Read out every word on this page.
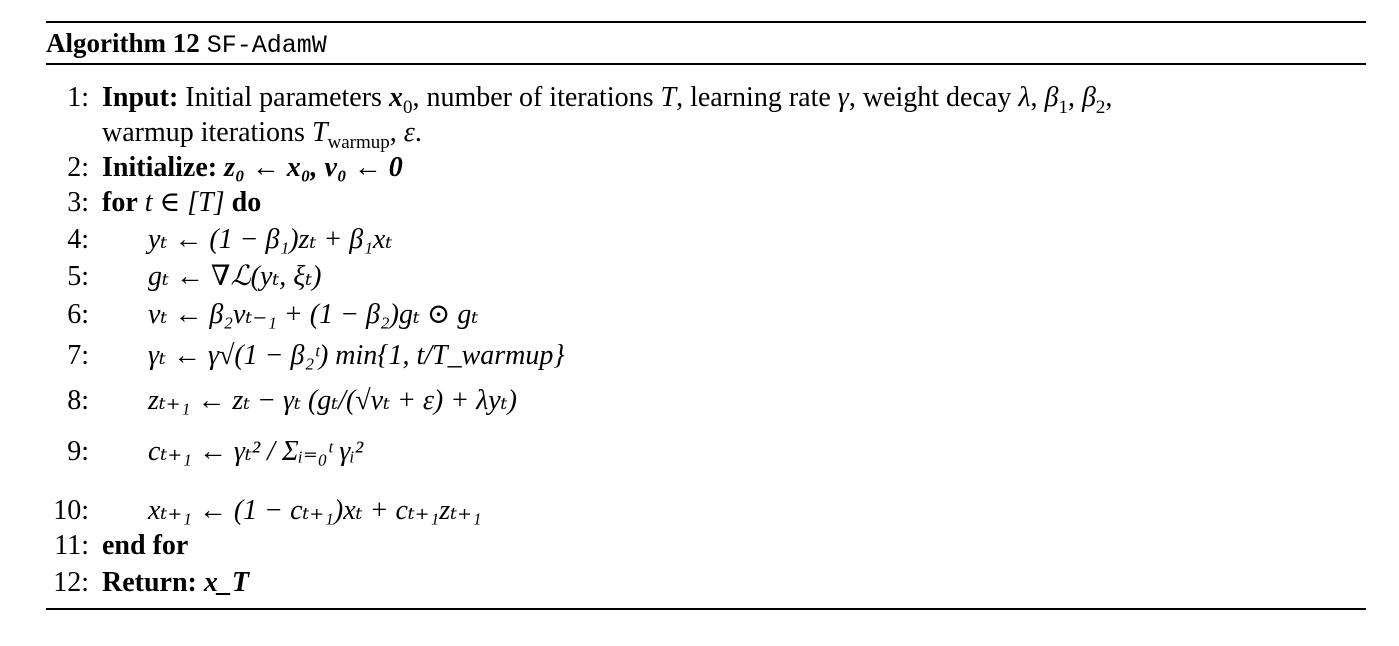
Algorithm 12 SF-AdamW
1: Input: Initial parameters $x_0$, number of iterations T, learning rate γ, weight decay λ, $\beta_1$, $\beta_2$,
warmup iterations $T_{warmup}$, ε.
2: Initialize: z₀ ← x₀, v₀ ← 0
3: for t ∈ [T] do
4: yₜ ← (1 − β₁)zₜ + β₁xₜ
5: gₜ ← ∇ℒ(yₜ, ξₜ)
6: vₜ ← β₂vₜ₋₁ + (1 − β₂)gₜ ⊙ gₜ
7: γₜ ← γ√(1 − β₂ᵗ) min{1, t/T_warmup}
8: zₜ₊₁ ← zₜ − γₜ (gₜ/(√vₜ + ε) + λyₜ)
9: cₜ₊₁ ← γₜ² / Σᵢ₌₀ᵗ γᵢ²
10: xₜ₊₁ ← (1 − cₜ₊₁)xₜ + cₜ₊₁zₜ₊₁
11: end for
12: Return: x_T
